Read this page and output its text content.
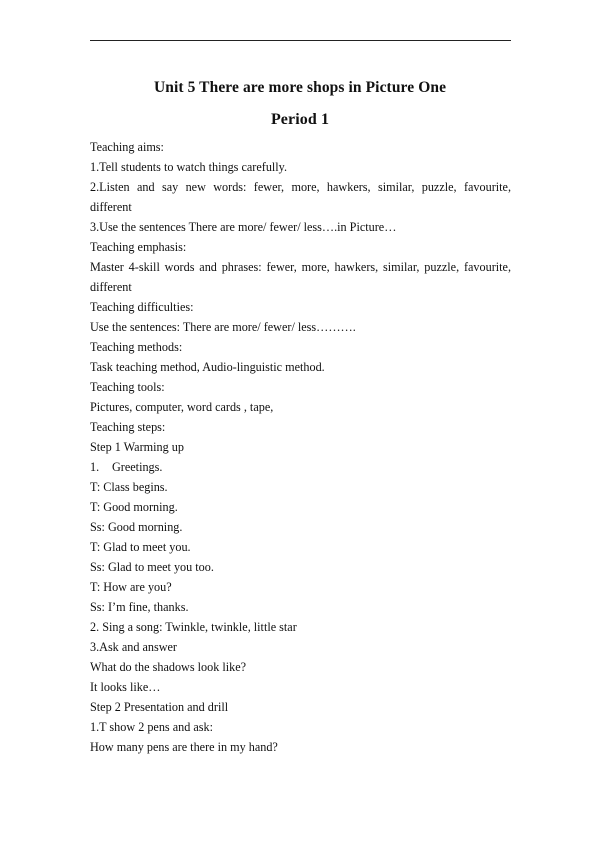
Unit 5 There are more shops in Picture One
Period 1
Teaching aims:
1.Tell students to watch things carefully.
2.Listen and say new words: fewer, more, hawkers, similar, puzzle, favourite,
different
3.Use the sentences There are more/ fewer/ less….in Picture…
Teaching emphasis:
Master 4-skill words and phrases: fewer, more, hawkers, similar, puzzle, favourite,
different
Teaching difficulties:
Use the sentences: There are more/ fewer/ less……….
Teaching methods:
Task teaching method, Audio-linguistic method.
Teaching tools:
Pictures, computer, word cards , tape,
Teaching steps:
Step 1 Warming up
1. Greetings.
T: Class begins.
T: Good morning.
Ss: Good morning.
T: Glad to meet you.
Ss: Glad to meet you too.
T: How are you?
Ss: I’m fine, thanks.
2. Sing a song: Twinkle, twinkle, little star
3.Ask and answer
What do the shadows look like?
It looks like…
Step 2 Presentation and drill
1.T show 2 pens and ask:
How many pens are there in my hand?
